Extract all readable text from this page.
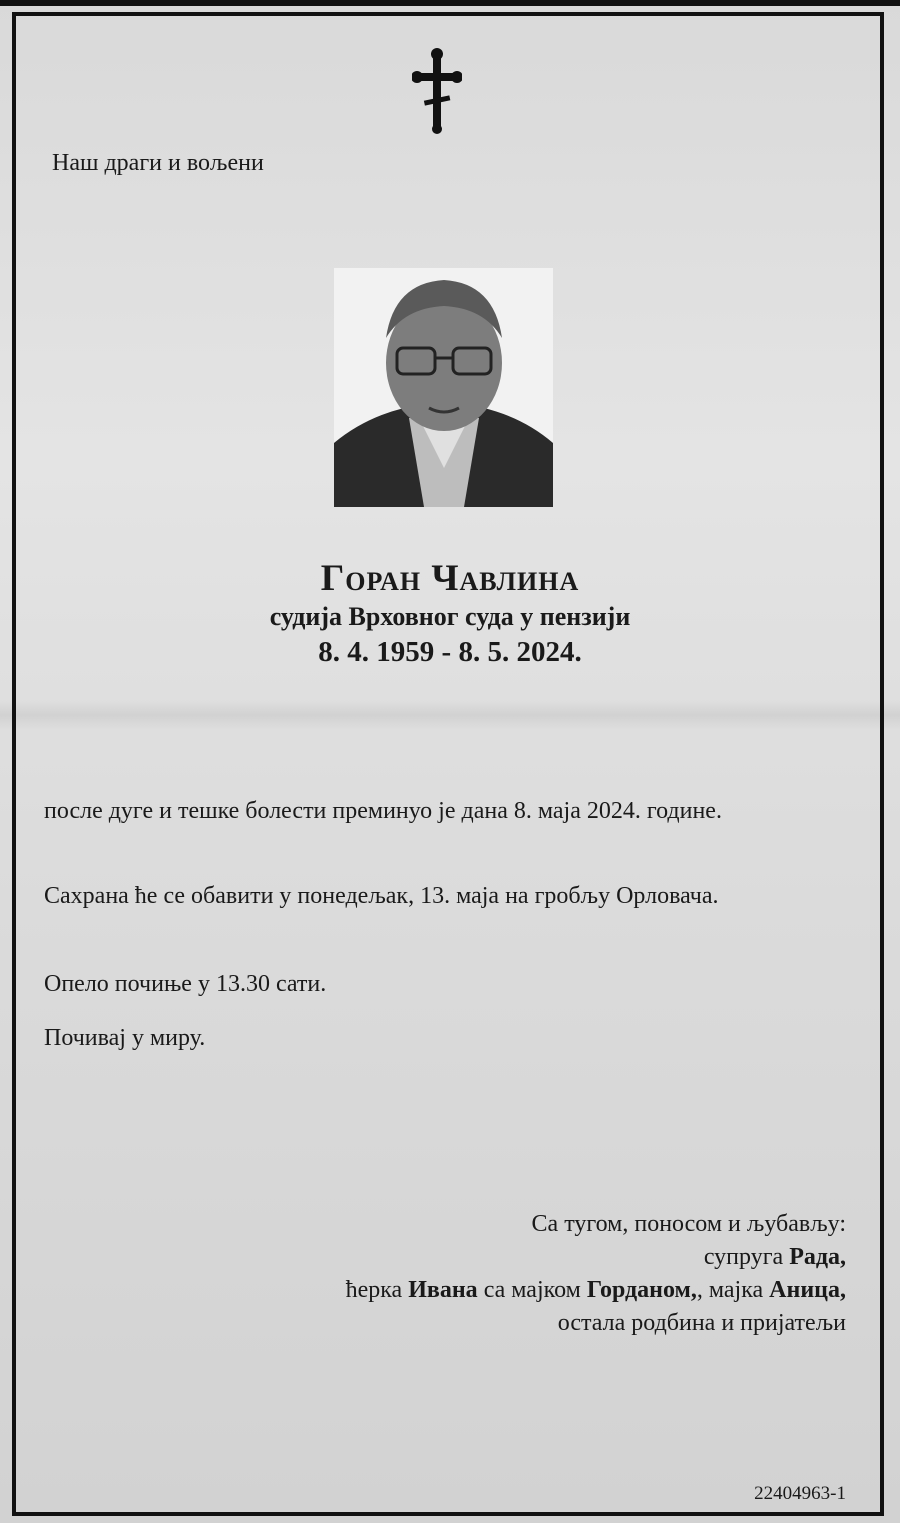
Наш драги и вољени
Горан Чавлина
судија Врховног суда у пензији
8. 4. 1959 - 8. 5. 2024.
после дуге и тешке болести преминуо је дана 8. маја 2024. године.
Сахрана ће се обавити у понедељак, 13. маја на гробљу Орловача.
Опело почиње у 13.30 сати.
Почивај у миру.
Са тугом, поносом и љубављу:
супруга Рада,
ћерка Ивана са мајком Горданом,, мајка Аница,
остала родбина и пријатељи
22404963-1
